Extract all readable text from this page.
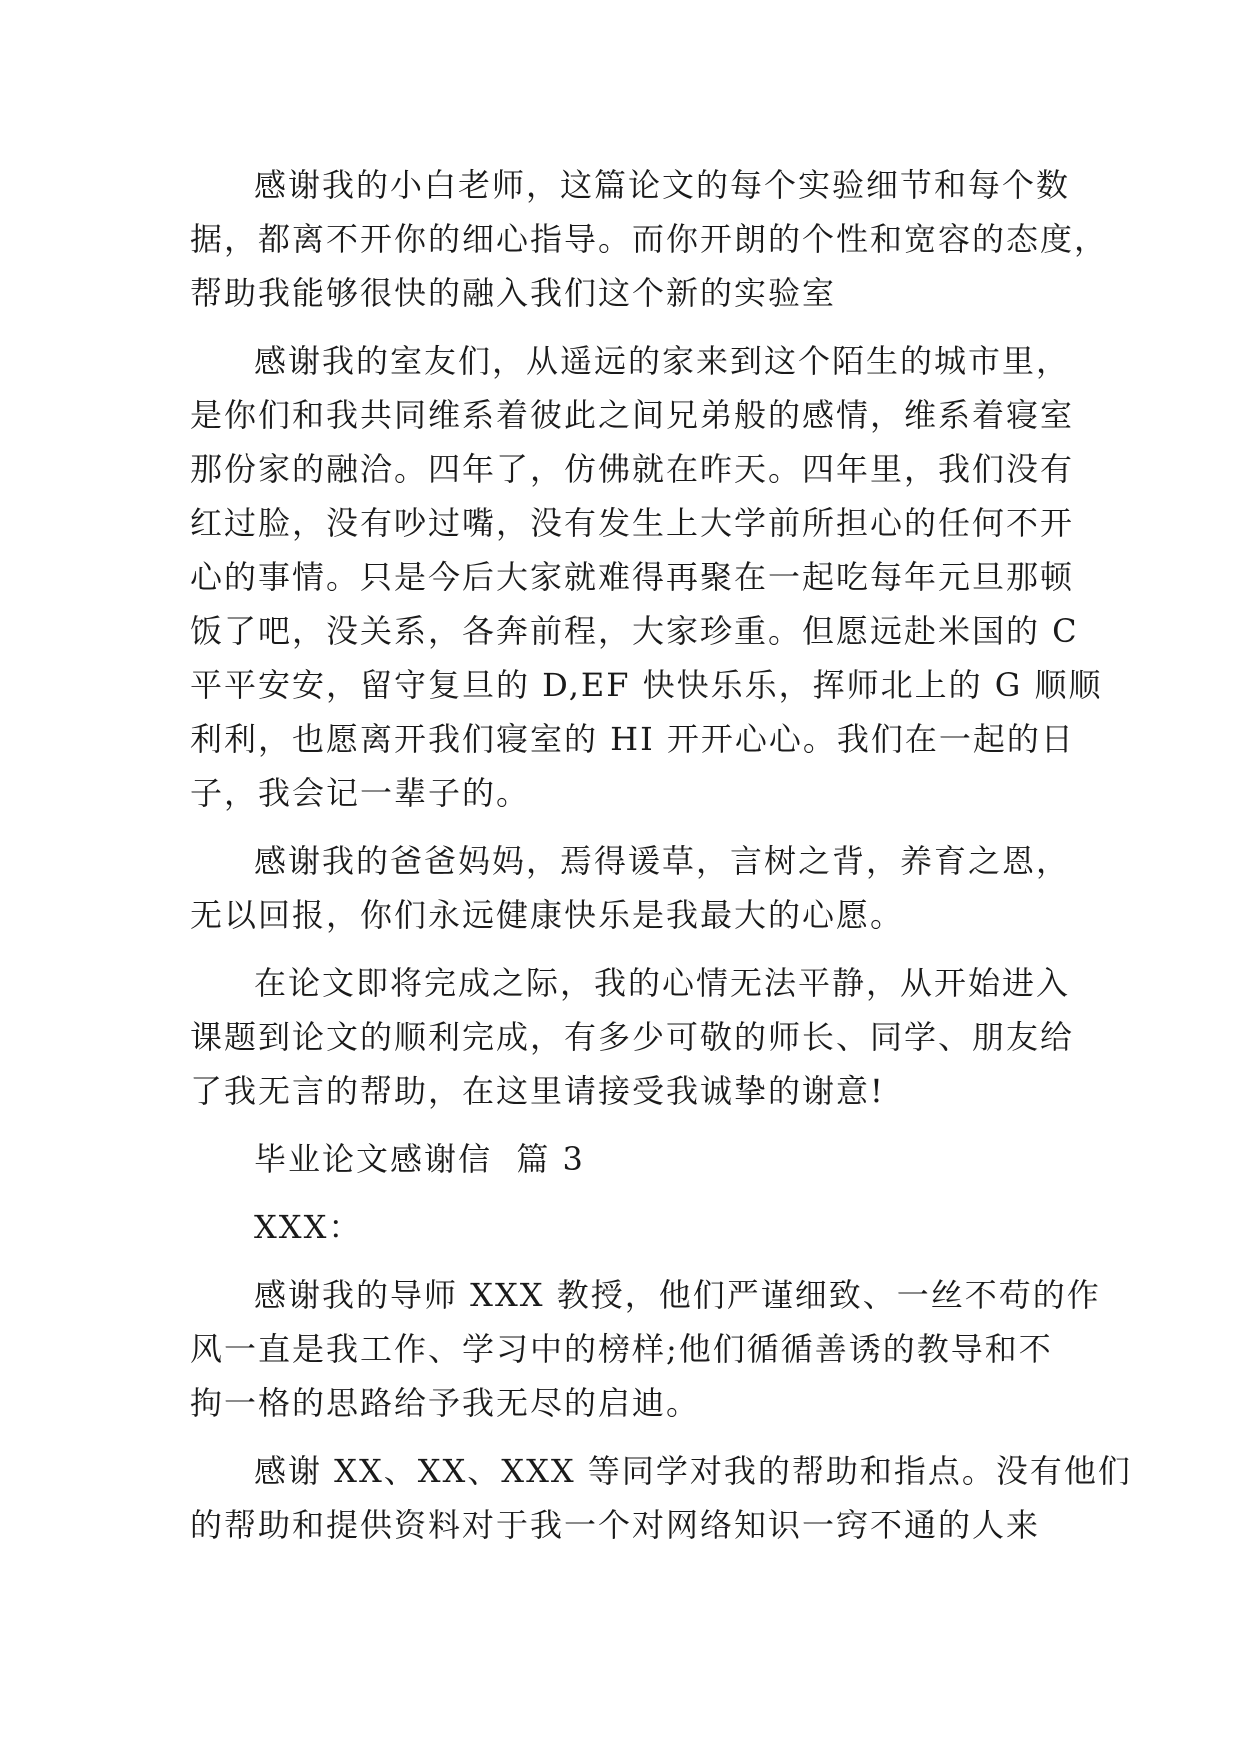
感谢我的小白老师，这篇论文的每个实验细节和每个数
据，都离不开你的细心指导。而你开朗的个性和宽容的态度，
帮助我能够很快的融入我们这个新的实验室
感谢我的室友们，从遥远的家来到这个陌生的城市里，
是你们和我共同维系着彼此之间兄弟般的感情，维系着寝室
那份家的融洽。四年了，仿佛就在昨天。四年里，我们没有
红过脸，没有吵过嘴，没有发生上大学前所担心的任何不开
心的事情。只是今后大家就难得再聚在一起吃每年元旦那顿
饭了吧，没关系，各奔前程，大家珍重。但愿远赴米国的 C
平平安安，留守复旦的 D,EF 快快乐乐，挥师北上的 G 顺顺
利利，也愿离开我们寝室的 HI 开开心心。我们在一起的日
子，我会记一辈子的。
感谢我的爸爸妈妈，焉得谖草，言树之背，养育之恩，
无以回报，你们永远健康快乐是我最大的心愿。
在论文即将完成之际，我的心情无法平静，从开始进入
课题到论文的顺利完成，有多少可敬的师长、同学、朋友给
了我无言的帮助，在这里请接受我诚挚的谢意!
毕业论文感谢信  篇 3
XXX：
感谢我的导师 XXX 教授，他们严谨细致、一丝不苟的作
风一直是我工作、学习中的榜样;他们循循善诱的教导和不
拘一格的思路给予我无尽的启迪。
感谢 XX、XX、XXX 等同学对我的帮助和指点。没有他们
的帮助和提供资料对于我一个对网络知识一窍不通的人来
